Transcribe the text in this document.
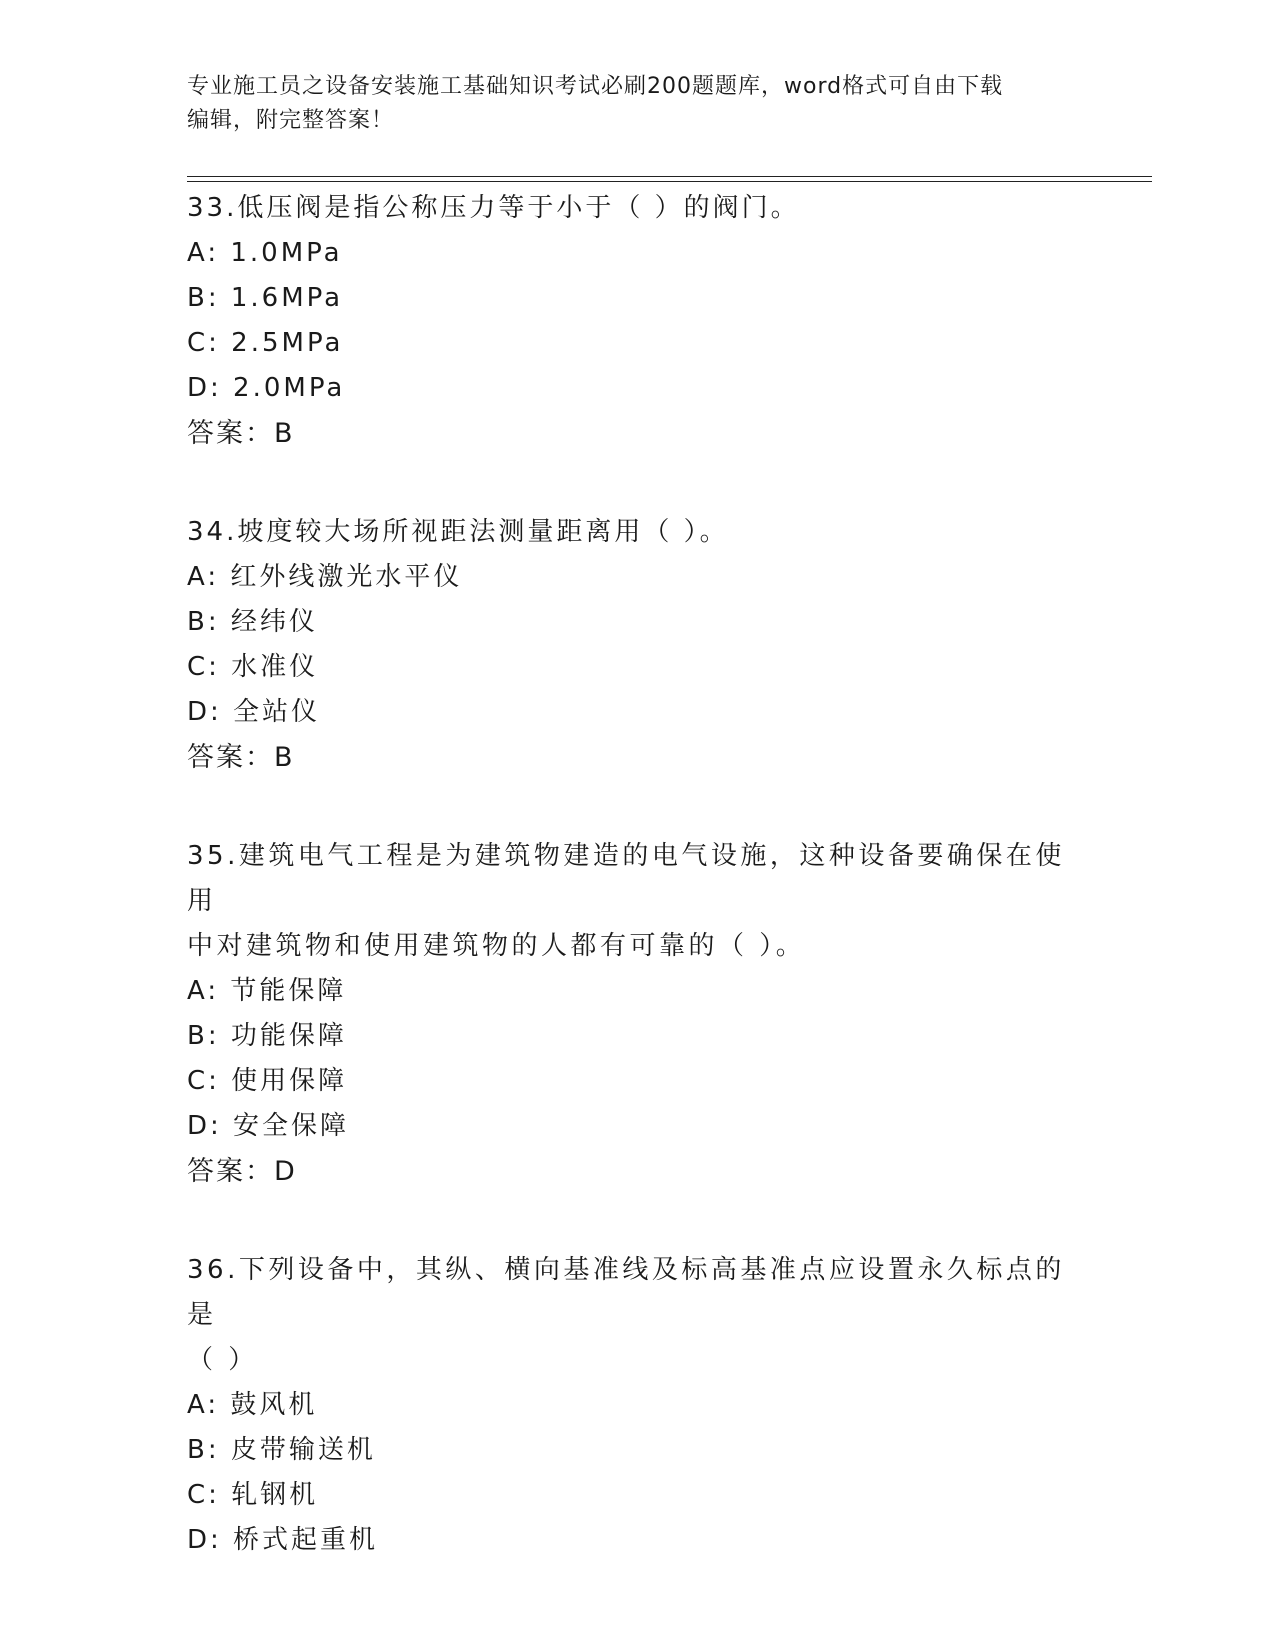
专业施工员之设备安装施工基础知识考试必刷200题题库，word格式可自由下载
编辑，附完整答案！
33.低压阀是指公称压力等于小于（ ）的阀门。
A: 1.0MPa
B: 1.6MPa
C: 2.5MPa
D: 2.0MPa
答案：B
34.坡度较大场所视距法测量距离用（ ）。
A: 红外线激光水平仪
B: 经纬仪
C: 水准仪
D: 全站仪
答案：B
35.建筑电气工程是为建筑物建造的电气设施，这种设备要确保在使用
中对建筑物和使用建筑物的人都有可靠的（ ）。
A: 节能保障
B: 功能保障
C: 使用保障
D: 安全保障
答案：D
36.下列设备中，其纵、横向基准线及标高基准点应设置永久标点的是
（ ）
A: 鼓风机
B: 皮带输送机
C: 轧钢机
D: 桥式起重机
